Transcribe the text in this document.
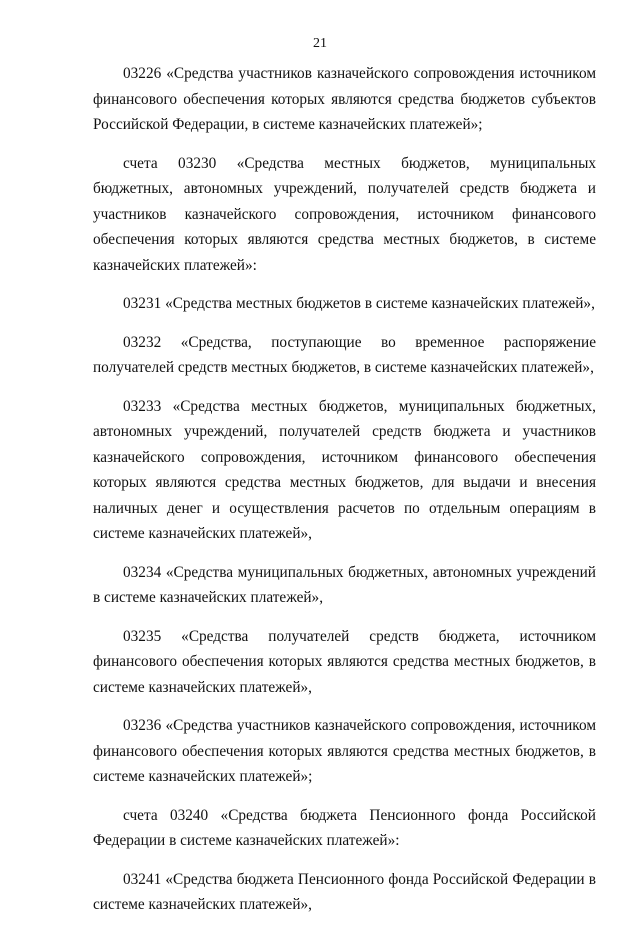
21

03226 «Средства участников казначейского сопровождения источником финансового обеспечения которых являются средства бюджетов субъектов Российской Федерации, в системе казначейских платежей»;

счета 03230 «Средства местных бюджетов, муниципальных бюджетных, автономных учреждений, получателей средств бюджета и участников казначейского сопровождения, источником финансового обеспечения которых являются средства местных бюджетов, в системе казначейских платежей»:

03231 «Средства местных бюджетов в системе казначейских платежей»,

03232 «Средства, поступающие во временное распоряжение получателей средств местных бюджетов, в системе казначейских платежей»,

03233 «Средства местных бюджетов, муниципальных бюджетных, автономных учреждений, получателей средств бюджета и участников казначейского сопровождения, источником финансового обеспечения которых являются средства местных бюджетов, для выдачи и внесения наличных денег и осуществления расчетов по отдельным операциям в системе казначейских платежей»,

03234 «Средства муниципальных бюджетных, автономных учреждений в системе казначейских платежей»,

03235 «Средства получателей средств бюджета, источником финансового обеспечения которых являются средства местных бюджетов, в системе казначейских платежей»,

03236 «Средства участников казначейского сопровождения, источником финансового обеспечения которых являются средства местных бюджетов, в системе казначейских платежей»;

счета 03240 «Средства бюджета Пенсионного фонда Российской Федерации в системе казначейских платежей»:

03241 «Средства бюджета Пенсионного фонда Российской Федерации в системе казначейских платежей»,
